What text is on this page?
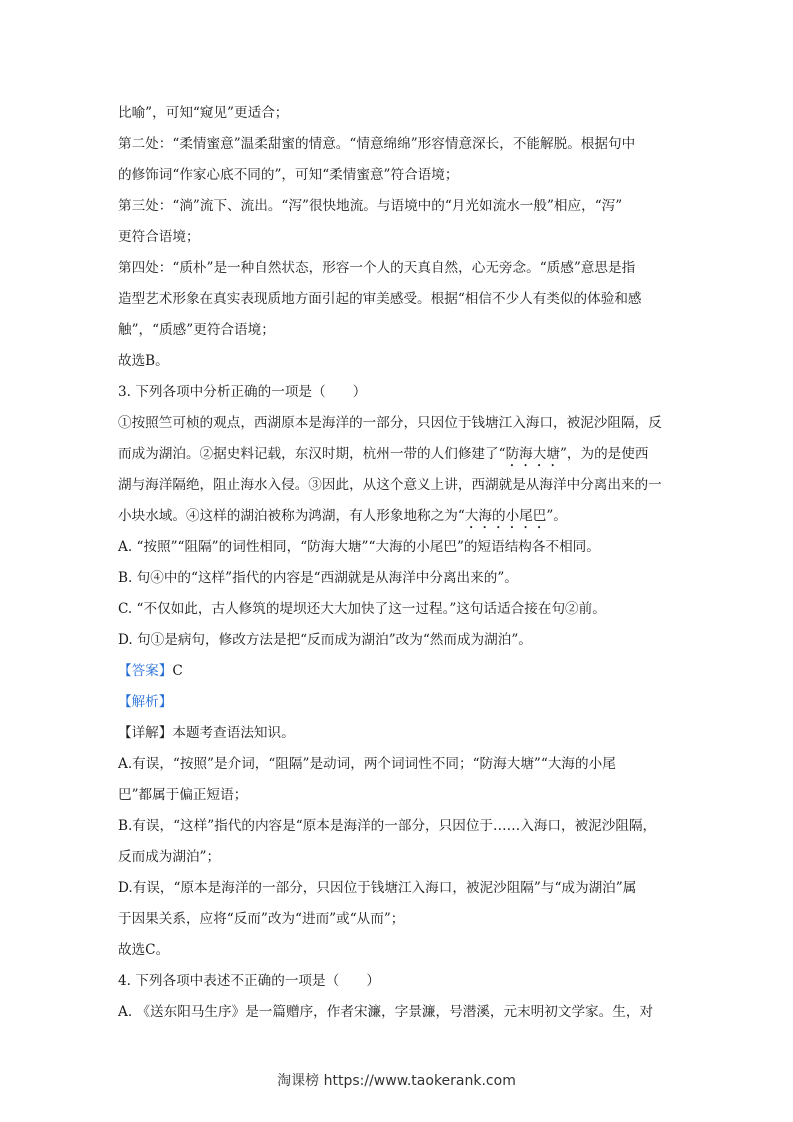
比喻”，可知“窥见”更适合；
第二处：“柔情蜜意”温柔甜蜜的情意。“情意绵绵”形容情意深长，不能解脱。根据句中
的修饰词“作家心底不同的”，可知“柔情蜜意”符合语境；
第三处：“淌”流下、流出。“泻”很快地流。与语境中的“月光如流水一般”相应，“泻”
更符合语境；
第四处：“质朴”是一种自然状态，形容一个人的天真自然，心无旁念。“质感”意思是指
造型艺术形象在真实表现质地方面引起的审美感受。根据“相信不少人有类似的体验和感
触”，“质感”更符合语境；
故选B。
3. 下列各项中分析正确的一项是（　　）
①按照竺可桢的观点，西湖原本是海洋的一部分，只因位于钱塘江入海口，被泥沙阻隔，反
而成为湖泊。②据史料记载，东汉时期，杭州一带的人们修建了“防海大塘”，为的是使西
湖与海洋隔绝，阻止海水入侵。③因此，从这个意义上讲，西湖就是从海洋中分离出来的一
小块水域。④这样的湖泊被称为鸿湖，有人形象地称之为“大海的小尾巴”。
A. “按照”“阻隔”的词性相同，“防海大塘”“大海的小尾巴”的短语结构各不相同。
B. 句④中的“这样”指代的内容是“西湖就是从海洋中分离出来的”。
C. “不仅如此，古人修筑的堤坝还大大加快了这一过程。”这句话适合接在句②前。
D. 句①是病句，修改方法是把“反而成为湖泊”改为“然而成为湖泊”。
【答案】C
【解析】
【详解】本题考查语法知识。
A.有误，“按照”是介词，“阻隔”是动词，两个词词性不同；“防海大塘”“大海的小尾
巴”都属于偏正短语；
B.有误，“这样”指代的内容是“原本是海洋的一部分，只因位于……入海口，被泥沙阻隔，
反而成为湖泊”；
D.有误，“原本是海洋的一部分，只因位于钱塘江入海口，被泥沙阻隔”与“成为湖泊”属
于因果关系，应将“反而”改为“进而”或“从而”；
故选C。
4. 下列各项中表述不正确的一项是（　　）
A. 《送东阳马生序》是一篇赠序，作者宋濂，字景濂，号潜溪，元末明初文学家。生，对
淘课榜 https://www.taokerank.com
